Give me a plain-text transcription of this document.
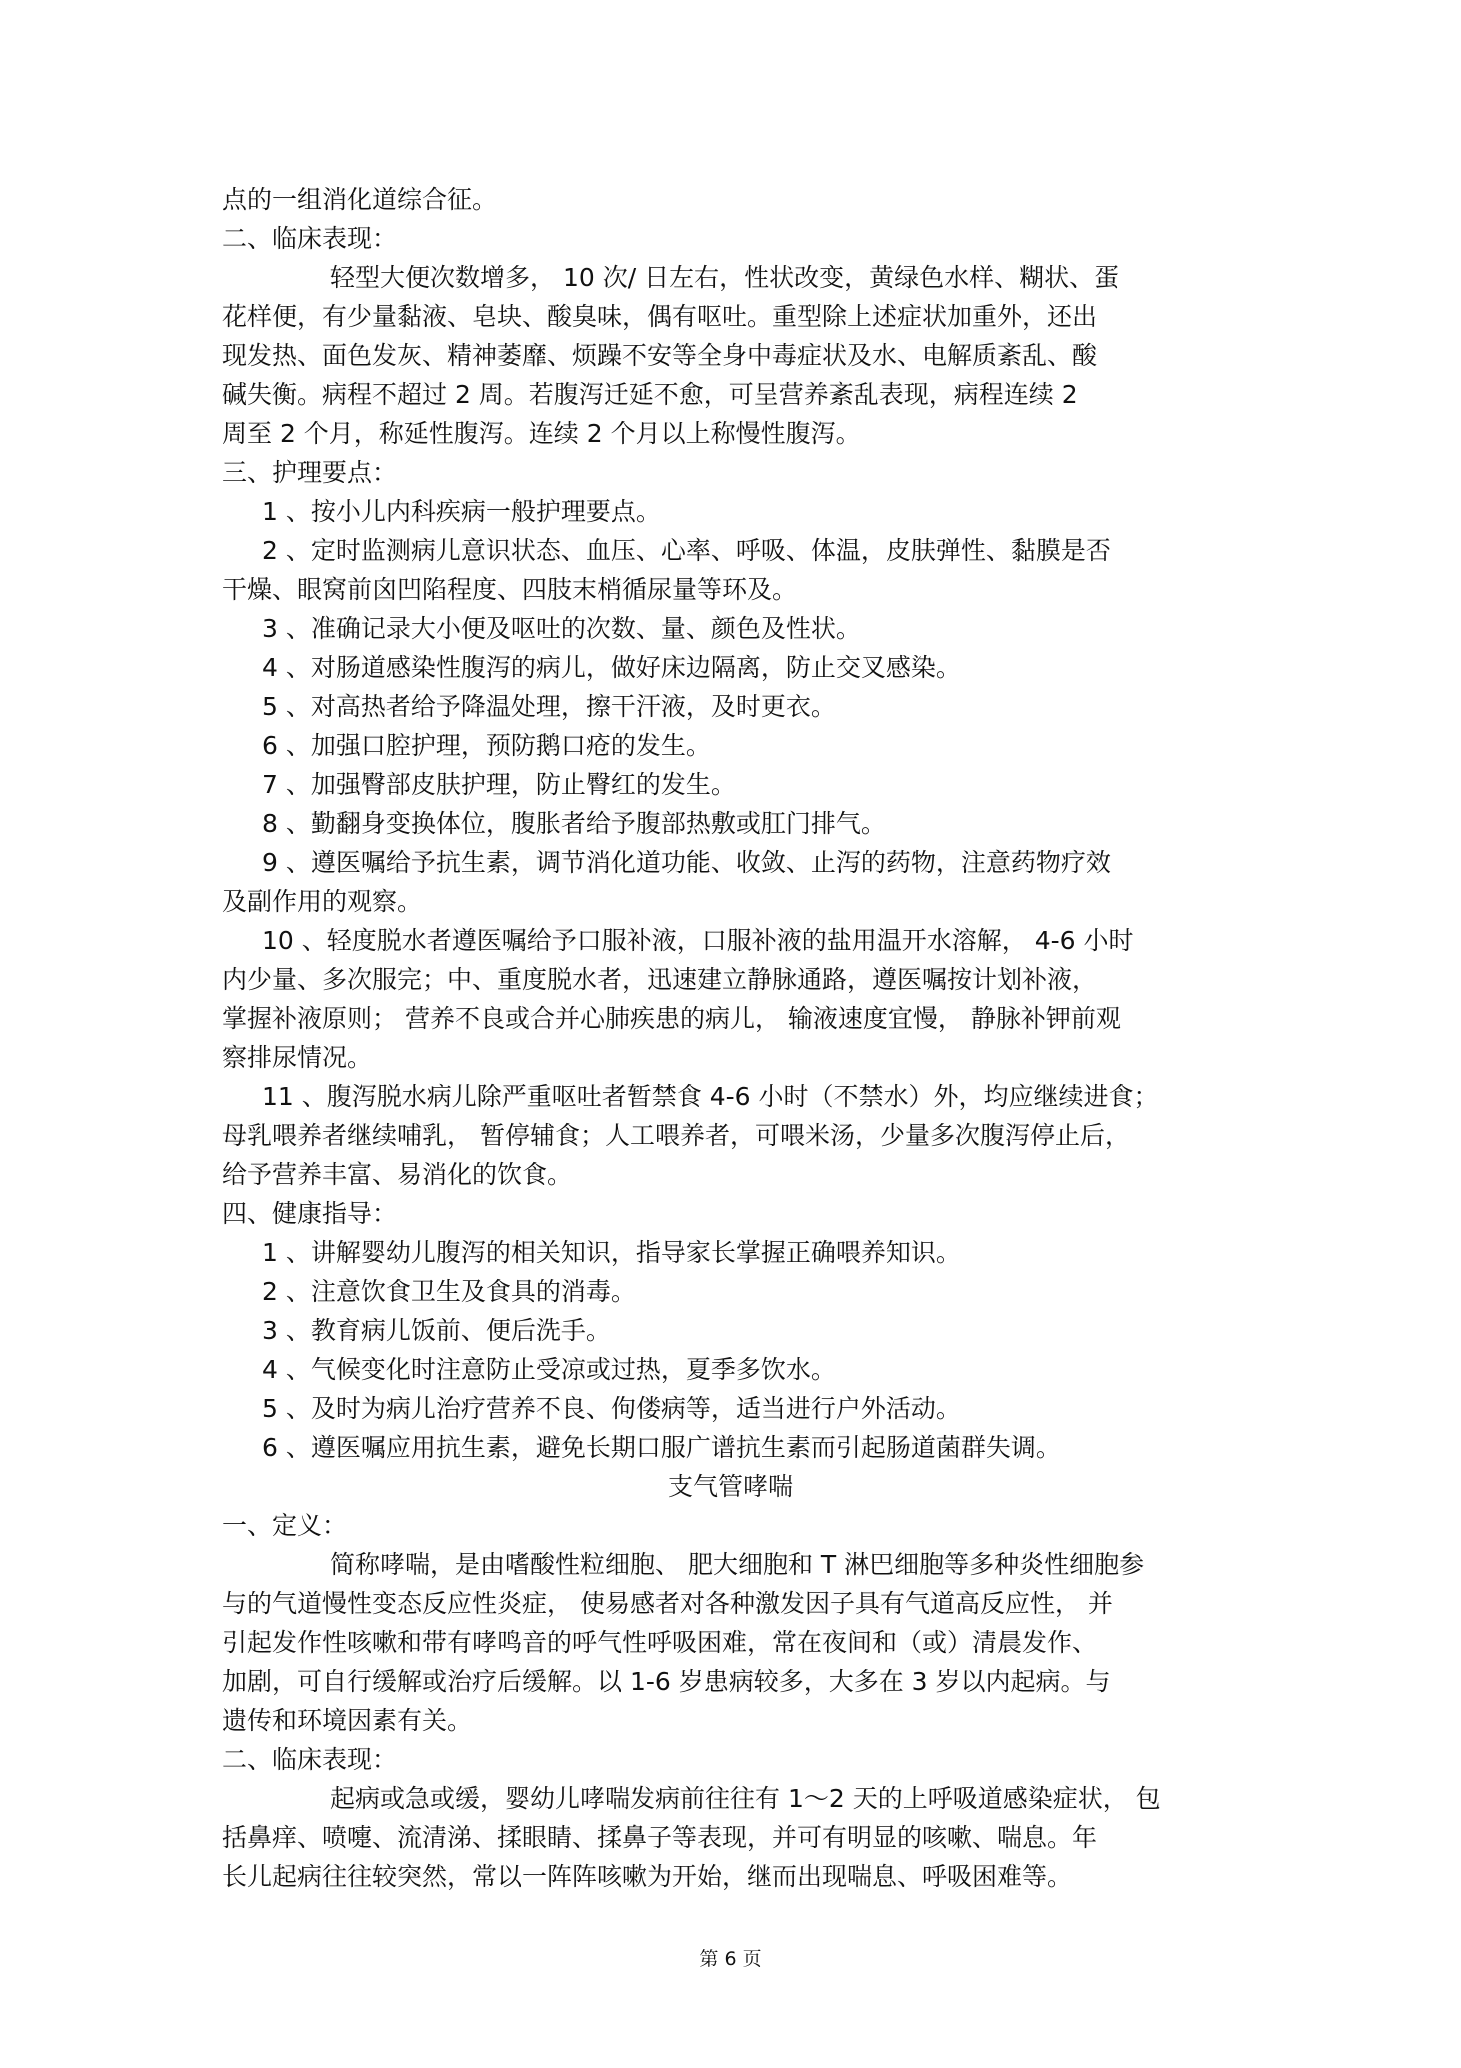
点的一组消化道综合征。
二、临床表现：
轻型大便次数增多， 10 次/ 日左右，性状改变，黄绿色水样、糊状、蛋
花样便，有少量黏液、皂块、酸臭味，偶有呕吐。重型除上述症状加重外，还出
现发热、面色发灰、精神萎靡、烦躁不安等全身中毒症状及水、电解质紊乱、酸
碱失衡。病程不超过 2 周。若腹泻迁延不愈，可呈营养紊乱表现，病程连续 2
周至 2 个月，称延性腹泻。连续 2 个月以上称慢性腹泻。
三、护理要点：
1 、按小儿内科疾病一般护理要点。
2 、定时监测病儿意识状态、血压、心率、呼吸、体温，皮肤弹性、黏膜是否
干燥、眼窝前囟凹陷程度、四肢末梢循尿量等环及。
3 、准确记录大小便及呕吐的次数、量、颜色及性状。
4 、对肠道感染性腹泻的病儿，做好床边隔离，防止交叉感染。
5 、对高热者给予降温处理，擦干汗液，及时更衣。
6 、加强口腔护理，预防鹅口疮的发生。
7 、加强臀部皮肤护理，防止臀红的发生。
8 、勤翻身变换体位，腹胀者给予腹部热敷或肛门排气。
9 、遵医嘱给予抗生素，调节消化道功能、收敛、止泻的药物，注意药物疗效
及副作用的观察。
10 、轻度脱水者遵医嘱给予口服补液，口服补液的盐用温开水溶解， 4-6 小时
内少量、多次服完；中、重度脱水者，迅速建立静脉通路，遵医嘱按计划补液，
掌握补液原则； 营养不良或合并心肺疾患的病儿， 输液速度宜慢， 静脉补钾前观
察排尿情况。
11 、腹泻脱水病儿除严重呕吐者暂禁食 4-6 小时（不禁水）外，均应继续进食；
母乳喂养者继续哺乳， 暂停辅食；人工喂养者，可喂米汤，少量多次腹泻停止后，
给予营养丰富、易消化的饮食。
四、健康指导：
1 、讲解婴幼儿腹泻的相关知识，指导家长掌握正确喂养知识。
2 、注意饮食卫生及食具的消毒。
3 、教育病儿饭前、便后洗手。
4 、气候变化时注意防止受凉或过热，夏季多饮水。
5 、及时为病儿治疗营养不良、佝偻病等，适当进行户外活动。
6 、遵医嘱应用抗生素，避免长期口服广谱抗生素而引起肠道菌群失调。
支气管哮喘
一、定义：
简称哮喘，是由嗜酸性粒细胞、 肥大细胞和 T 淋巴细胞等多种炎性细胞参
与的气道慢性变态反应性炎症， 使易感者对各种激发因子具有气道高反应性， 并
引起发作性咳嗽和带有哮鸣音的呼气性呼吸困难，常在夜间和（或）清晨发作、
加剧，可自行缓解或治疗后缓解。以 1-6 岁患病较多，大多在 3 岁以内起病。与
遗传和环境因素有关。
二、临床表现：
起病或急或缓，婴幼儿哮喘发病前往往有 1～2 天的上呼吸道感染症状， 包
括鼻痒、喷嚏、流清涕、揉眼睛、揉鼻子等表现，并可有明显的咳嗽、喘息。年
长儿起病往往较突然，常以一阵阵咳嗽为开始，继而出现喘息、呼吸困难等。
第 6 页
